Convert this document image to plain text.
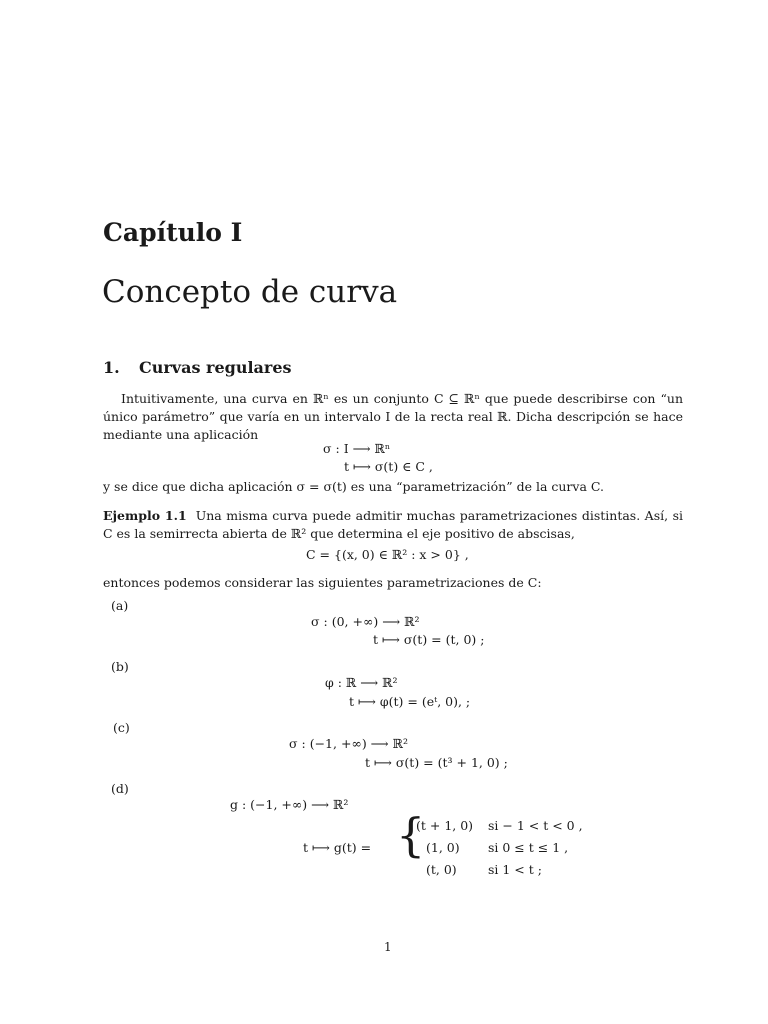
Capítulo I
Concepto de curva
1. Curvas regulares
Intuitivamente, una curva en ℝⁿ es un conjunto C ⊆ ℝⁿ que puede describirse con “un único parámetro” que varía en un intervalo I de la recta real ℝ. Dicha descripción se hace mediante una aplicación
σ : I ⟶ ℝⁿ
t ⟼ σ(t) ∈ C ,
y se dice que dicha aplicación σ = σ(t) es una “parametrización” de la curva C.
Ejemplo 1.1 Una misma curva puede admitir muchas parametrizaciones distintas. Así, si C es la semirrecta abierta de ℝ² que determina el eje positivo de abscisas,
C = {(x, 0) ∈ ℝ² : x > 0} ,
entonces podemos considerar las siguientes parametrizaciones de C:
(a)
σ : (0, +∞) ⟶ ℝ²
t ⟼ σ(t) = (t, 0) ;
(b)
φ : ℝ ⟶ ℝ²
t ⟼ φ(t) = (eᵗ, 0), ;
(c)
σ : (−1, +∞) ⟶ ℝ²
t ⟼ σ(t) = (t³ + 1, 0) ;
(d)
g : (−1, +∞) ⟶ ℝ²
t ⟼ g(t) = {
(t + 1, 0) si − 1 < t < 0 ,
(1, 0) si 0 ≤ t ≤ 1 ,
(t, 0)	si 1 < t ;
1
